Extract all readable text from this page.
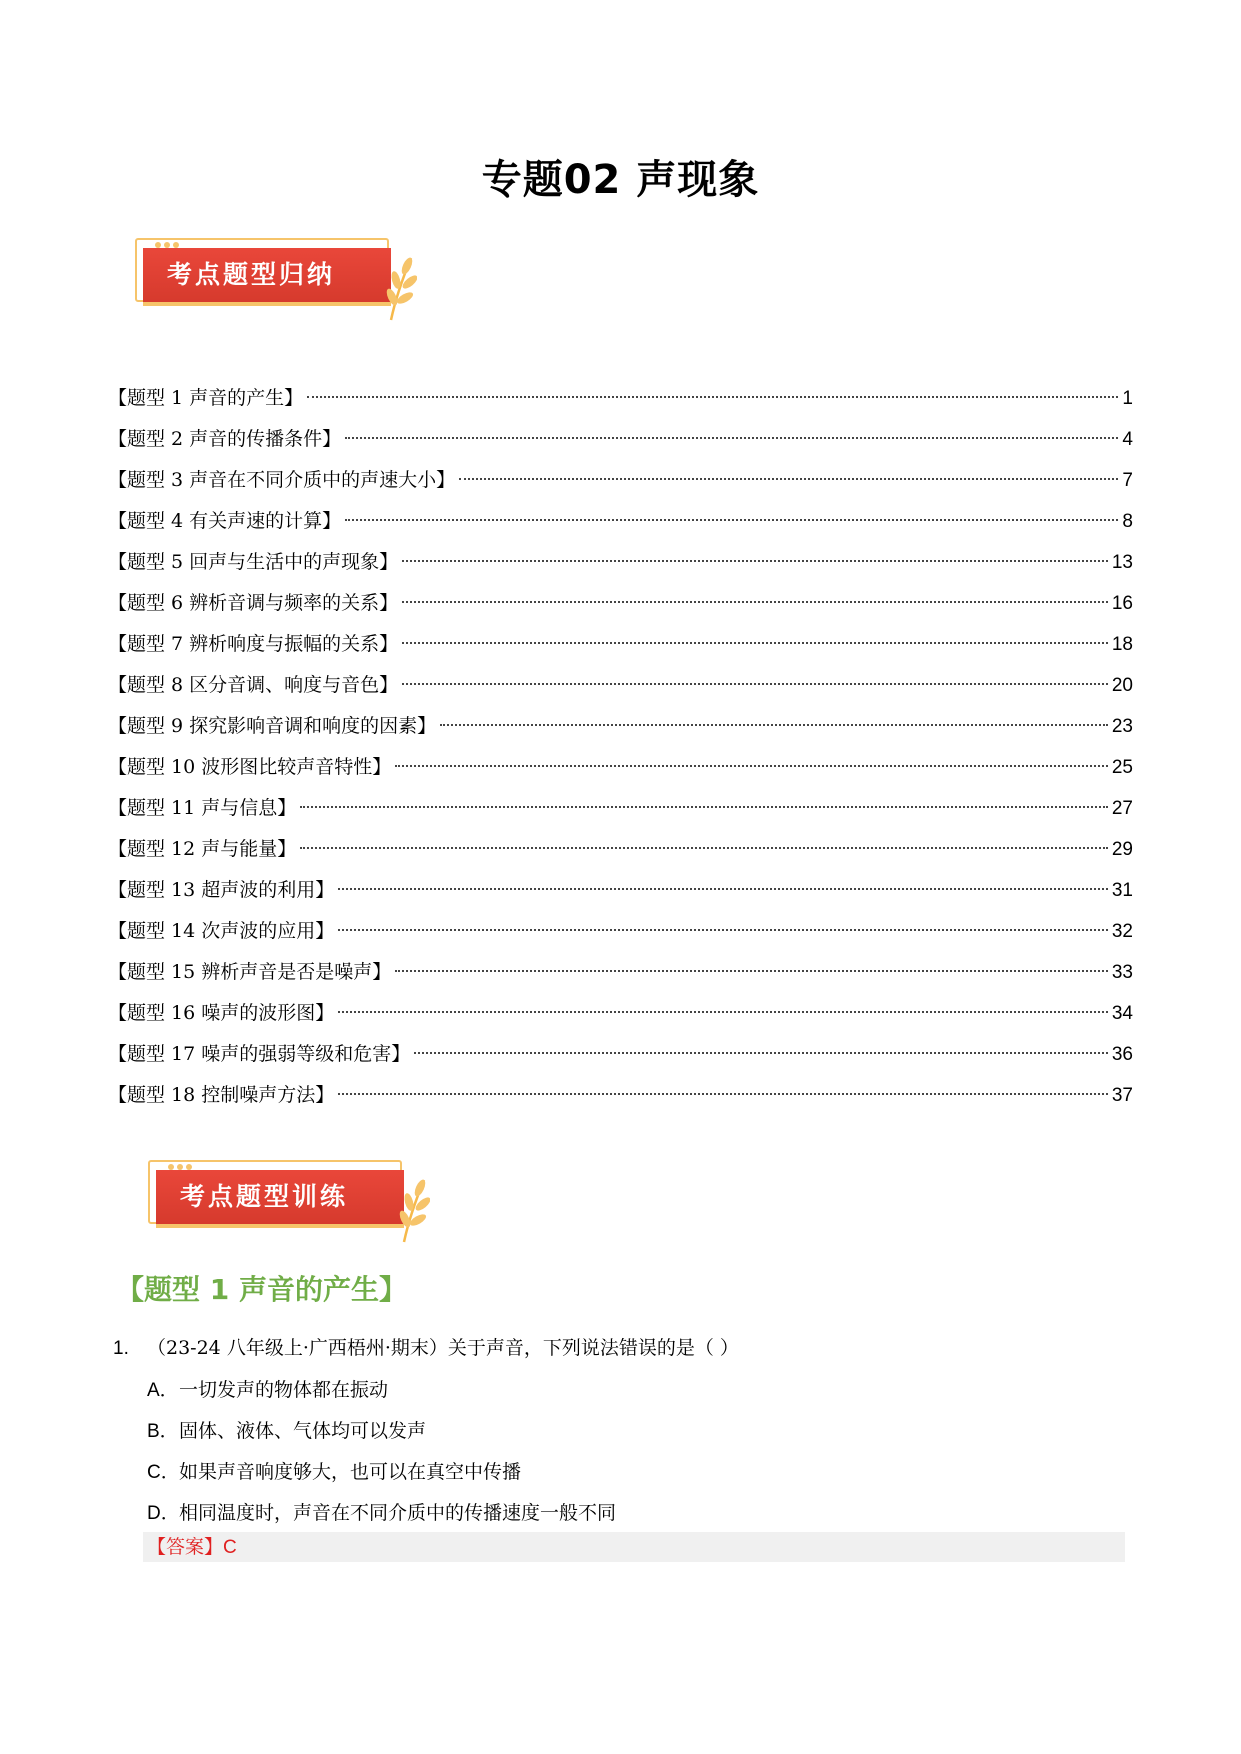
专题02 声现象
考点题型归纳
【题型 1 声音的产生】	1
【题型 2 声音的传播条件】	4
【题型 3 声音在不同介质中的声速大小】	7
【题型 4 有关声速的计算】	8
【题型 5 回声与生活中的声现象】	13
【题型 6 辨析音调与频率的关系】	16
【题型 7 辨析响度与振幅的关系】	18
【题型 8 区分音调、响度与音色】	20
【题型 9 探究影响音调和响度的因素】	23
【题型 10 波形图比较声音特性】	25
【题型 11 声与信息】	27
【题型 12 声与能量】	29
【题型 13 超声波的利用】	31
【题型 14 次声波的应用】	32
【题型 15 辨析声音是否是噪声】	33
【题型 16 噪声的波形图】	34
【题型 17 噪声的强弱等级和危害】	36
【题型 18 控制噪声方法】	37
考点题型训练
【题型 1 声音的产生】
1. （23-24 八年级上·广西梧州·期末）关于声音，下列说法错误的是（ ）
A．一切发声的物体都在振动
B．固体、液体、气体均可以发声
C．如果声音响度够大，也可以在真空中传播
D．相同温度时，声音在不同介质中的传播速度一般不同
【答案】C
